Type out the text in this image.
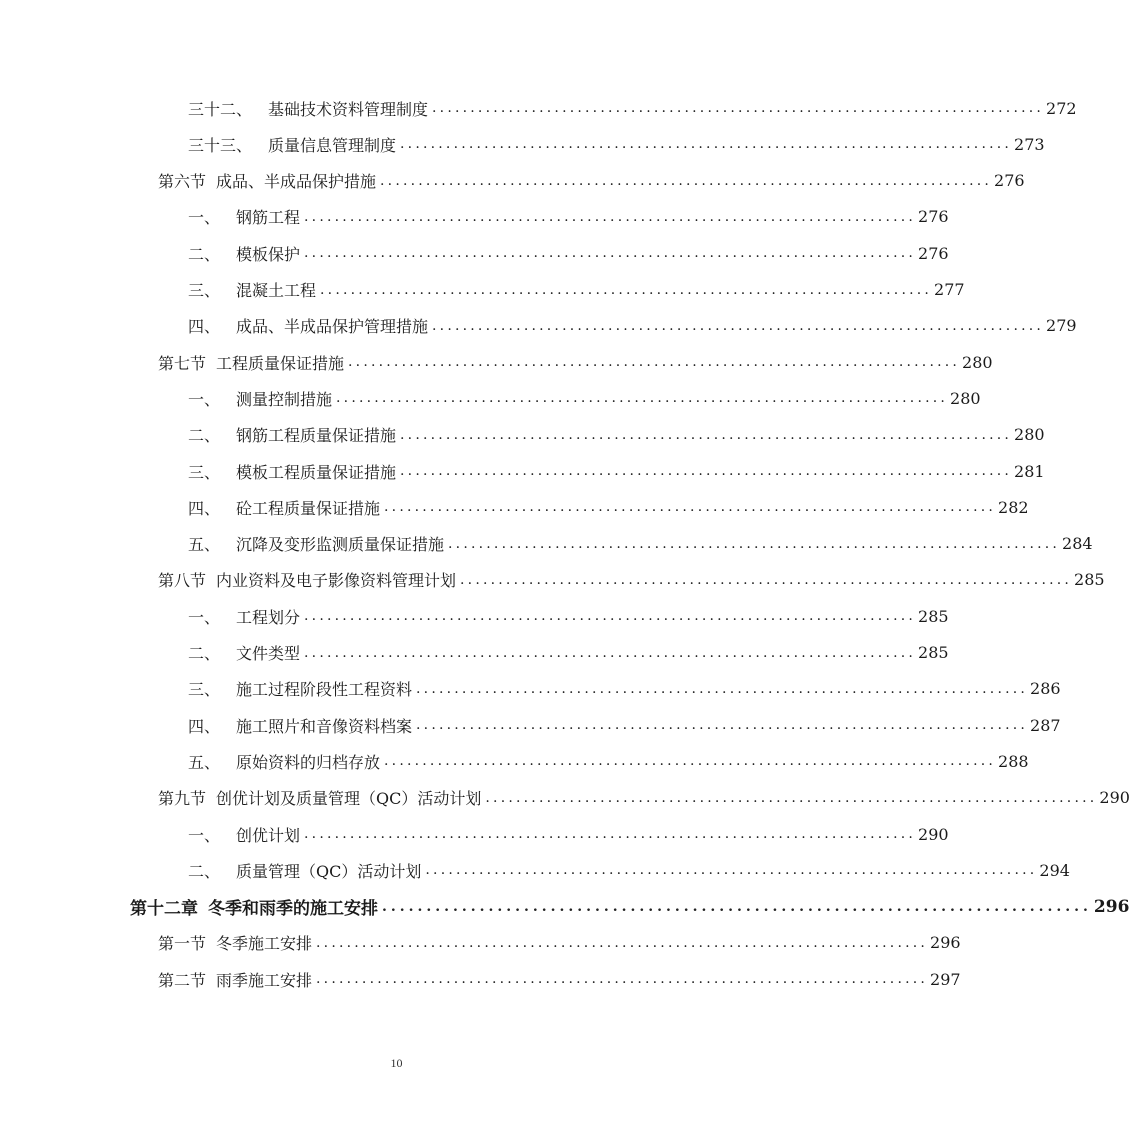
三十二、 基础技术资料管理制度 ................................................................................ 272
三十三、 质量信息管理制度 ................................................................................ 273
第六节 成品、半成品保护措施 ................................................................................ 276
一、 钢筋工程 ................................................................................ 276
二、 模板保护 ................................................................................ 276
三、 混凝土工程 ................................................................................ 277
四、 成品、半成品保护管理措施 ................................................................................ 279
第七节 工程质量保证措施 ................................................................................ 280
一、 测量控制措施 ................................................................................ 280
二、 钢筋工程质量保证措施 ................................................................................ 280
三、 模板工程质量保证措施 ................................................................................ 281
四、 砼工程质量保证措施 ................................................................................ 282
五、 沉降及变形监测质量保证措施 ................................................................................ 284
第八节 内业资料及电子影像资料管理计划 ................................................................................ 285
一、 工程划分 ................................................................................ 285
二、 文件类型 ................................................................................ 285
三、 施工过程阶段性工程资料 ................................................................................ 286
四、 施工照片和音像资料档案 ................................................................................ 287
五、 原始资料的归档存放 ................................................................................ 288
第九节 创优计划及质量管理（QC）活动计划 ................................................................................ 290
一、 创优计划 ................................................................................ 290
二、 质量管理（QC）活动计划 ................................................................................ 294
第十二章 冬季和雨季的施工安排 ................................................................................ 296
第一节 冬季施工安排 ................................................................................ 296
第二节 雨季施工安排 ................................................................................ 297
10
